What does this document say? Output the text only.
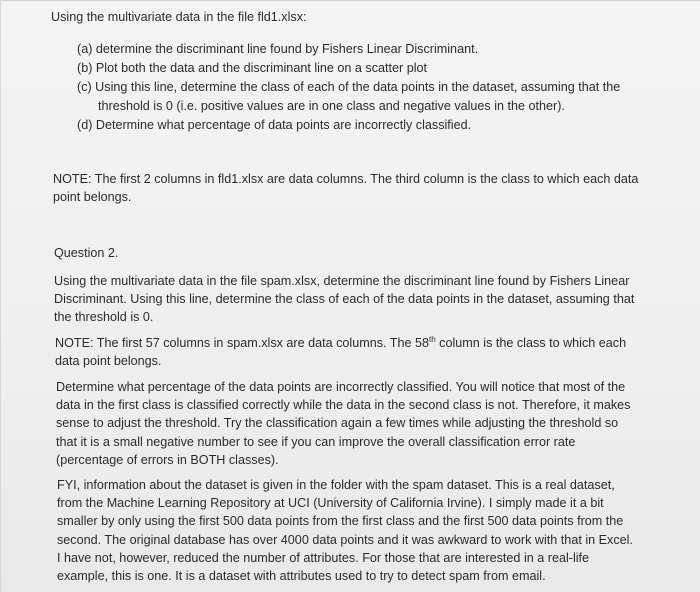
Using the multivariate data in the file fld1.xlsx:
(a) determine the discriminant line found by Fishers Linear Discriminant.
(b) Plot both the data and the discriminant line on a scatter plot
(c) Using this line, determine the class of each of the data points in the dataset, assuming that the
threshold is 0 (i.e. positive values are in one class and negative values in the other).
(d) Determine what percentage of data points are incorrectly classified.
NOTE: The first 2 columns in fld1.xlsx are data columns. The third column is the class to which each data point belongs.
Question 2.
Using the multivariate data in the file spam.xlsx, determine the discriminant line found by Fishers Linear Discriminant. Using this line, determine the class of each of the data points in the dataset, assuming that the threshold is 0.
NOTE: The first 57 columns in spam.xlsx are data columns. The 58th column is the class to which each data point belongs.
Determine what percentage of the data points are incorrectly classified. You will notice that most of the data in the first class is classified correctly while the data in the second class is not. Therefore, it makes sense to adjust the threshold. Try the classification again a few times while adjusting the threshold so that it is a small negative number to see if you can improve the overall classification error rate (percentage of errors in BOTH classes).
FYI, information about the dataset is given in the folder with the spam dataset. This is a real dataset, from the Machine Learning Repository at UCI (University of California Irvine). I simply made it a bit smaller by only using the first 500 data points from the first class and the first 500 data points from the second. The original database has over 4000 data points and it was awkward to work with that in Excel. I have not, however, reduced the number of attributes. For those that are interested in a real-life example, this is one. It is a dataset with attributes used to try to detect spam from email.
